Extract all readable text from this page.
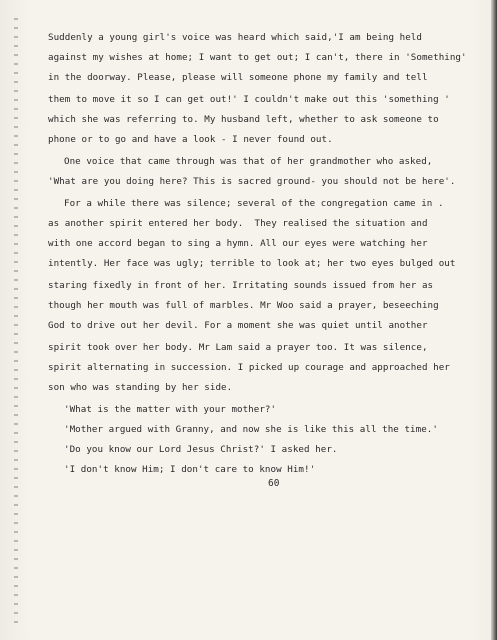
Suddenly a young girl's voice was heard which said,'I am being held
against my wishes at home; I want to get out; I can't, there in 'Something'
in the doorway. Please, please will someone phone my family and tell
them to move it so I can get out!' I couldn't make out this 'something '
which she was referring to. My husband left, whether to ask someone to
phone or to go and have a look - I never found out.
One voice that came through was that of her grandmother who asked,
'What are you doing here? This is sacred ground- you should not be here'.
For a while there was silence; several of the congregation came in .
as another spirit entered her body.  They realised the situation and
with one accord began to sing a hymn. All our eyes were watching her
intently. Her face was ugly; terrible to look at; her two eyes bulged out
staring fixedly in front of her. Irritating sounds issued from her as
though her mouth was full of marbles. Mr Woo said a prayer, beseeching
God to drive out her devil. For a moment she was quiet until another
spirit took over her body. Mr Lam said a prayer too. It was silence,
spirit alternating in succession. I picked up courage and approached her
son who was standing by her side.
'What is the matter with your mother?'
'Mother argued with Granny, and now she is like this all the time.'
'Do you know our Lord Jesus Christ?' I asked her.
'I don't know Him; I don't care to know Him!'
60
